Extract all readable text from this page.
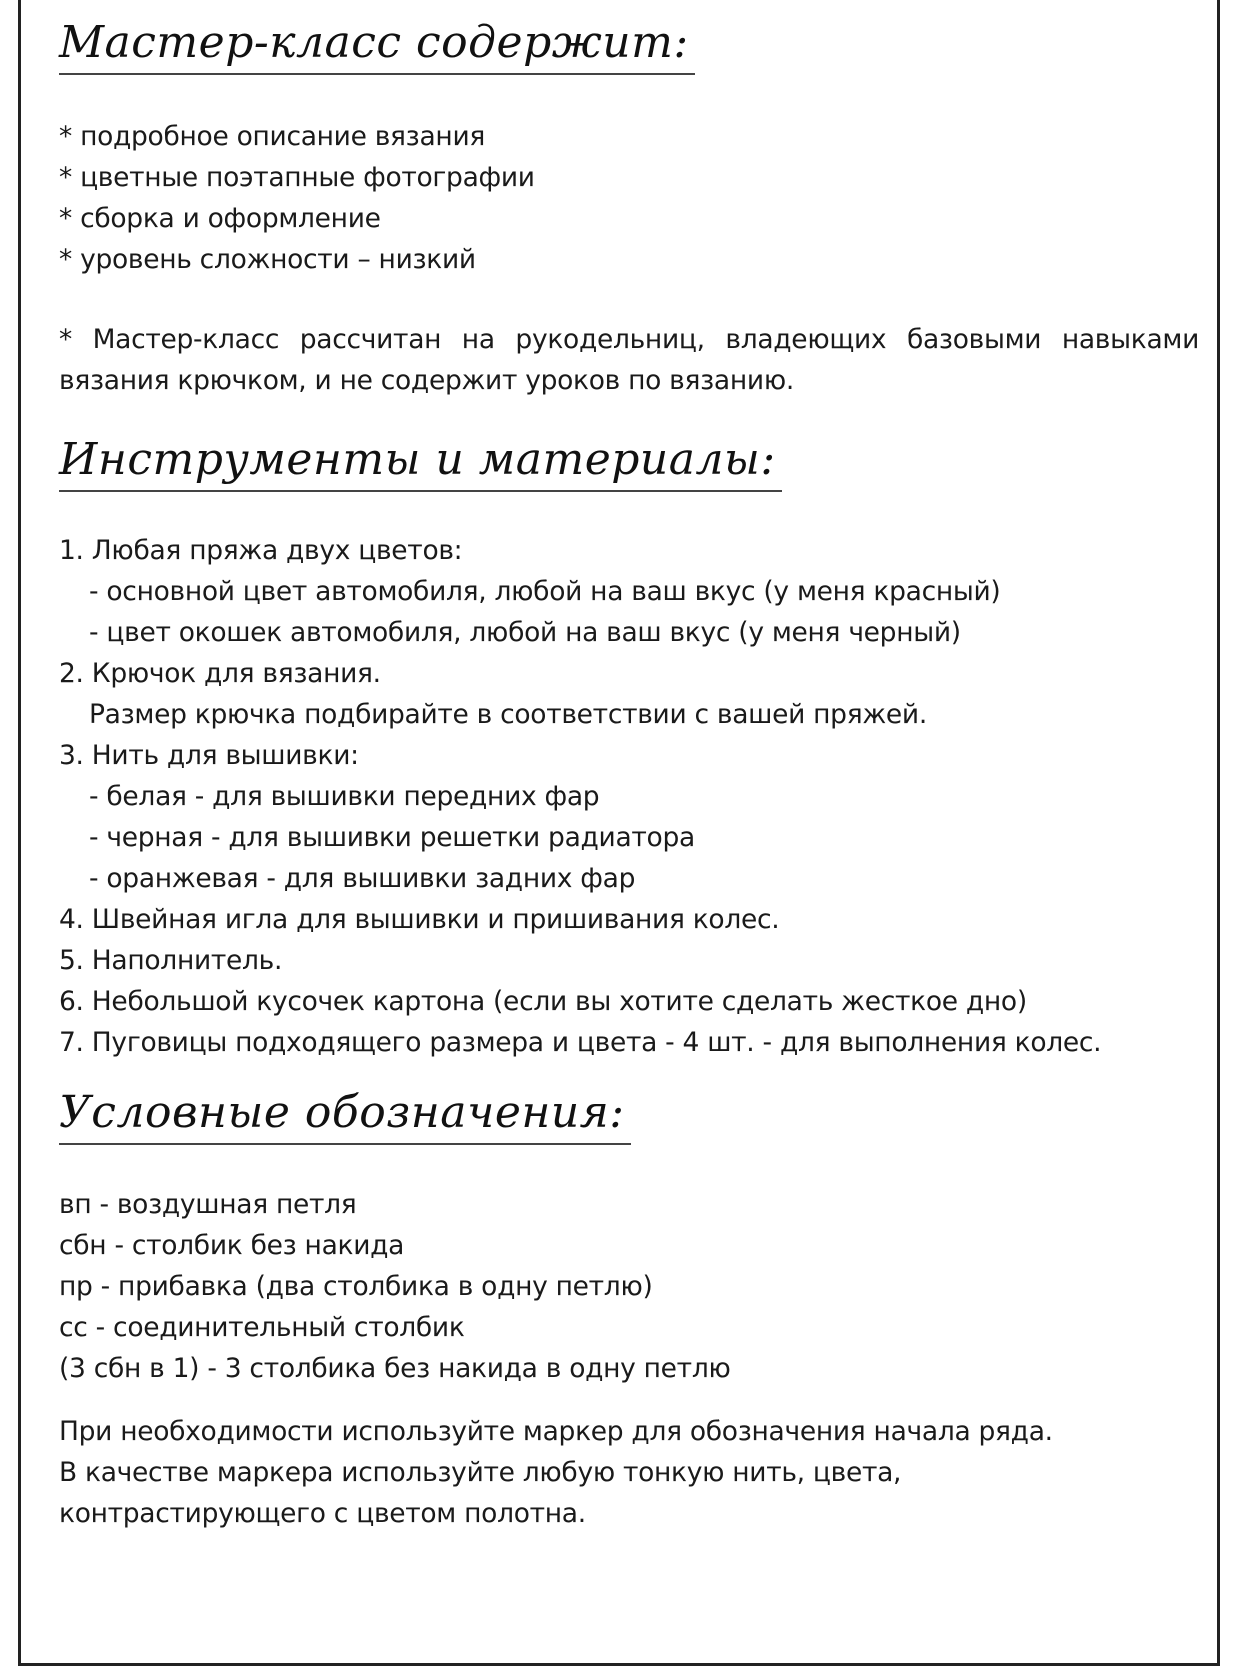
Мастер-класс содержит:
* подробное описание вязания
* цветные поэтапные фотографии
* сборка и оформление
* уровень сложности – низкий
* Мастер-класс рассчитан на рукодельниц, владеющих базовыми навыками вязания крючком, и не содержит уроков по вязанию.
Инструменты и материалы:
1. Любая пряжа двух цветов:
- основной цвет автомобиля, любой на ваш вкус (у меня красный)
- цвет окошек автомобиля, любой на ваш вкус (у меня черный)
2. Крючок для вязания.
Размер крючка подбирайте в соответствии с вашей пряжей.
3. Нить для вышивки:
- белая - для вышивки передних фар
- черная - для вышивки решетки радиатора
- оранжевая - для вышивки задних фар
4. Швейная игла для вышивки и пришивания колес.
5. Наполнитель.
6. Небольшой кусочек картона (если вы хотите сделать жесткое дно)
7. Пуговицы подходящего размера и цвета - 4 шт. - для выполнения колес.
Условные обозначения:
вп - воздушная петля
сбн - столбик без накида
пр - прибавка (два столбика в одну петлю)
сс - соединительный столбик
(3 сбн в 1) - 3 столбика без накида в одну петлю
При необходимости используйте маркер для обозначения начала ряда.
В качестве маркера используйте любую тонкую нить, цвета,
контрастирующего с цветом полотна.
